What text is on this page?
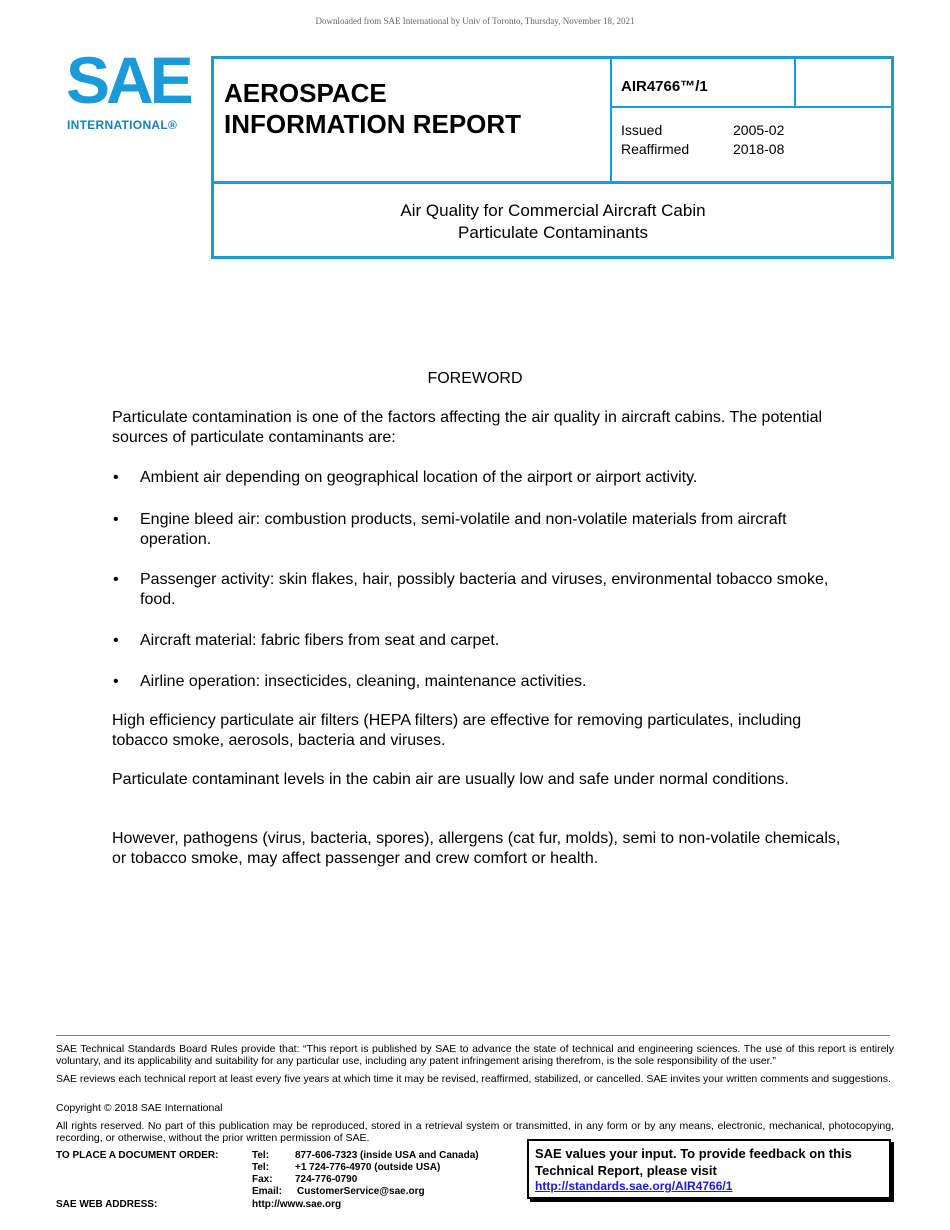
Downloaded from SAE International by Univ of Toronto, Thursday, November 18, 2021
SAE
INTERNATIONAL®
AEROSPACE
INFORMATION REPORT
AIR4766™/1
Issued	2005-02
Reaffirmed	2018-08
Air Quality for Commercial Aircraft Cabin
Particulate Contaminants
FOREWORD
Particulate contamination is one of the factors affecting the air quality in aircraft cabins. The potential sources of particulate contaminants are:
• Ambient air depending on geographical location of the airport or airport activity.
• Engine bleed air: combustion products, semi-volatile and non-volatile materials from aircraft operation.
• Passenger activity: skin flakes, hair, possibly bacteria and viruses, environmental tobacco smoke, food.
• Aircraft material: fabric fibers from seat and carpet.
• Airline operation: insecticides, cleaning, maintenance activities.
High efficiency particulate air filters (HEPA filters) are effective for removing particulates, including tobacco smoke, aerosols, bacteria and viruses.
Particulate contaminant levels in the cabin air are usually low and safe under normal conditions.
However, pathogens (virus, bacteria, spores), allergens (cat fur, molds), semi to non-volatile chemicals, or tobacco smoke, may affect passenger and crew comfort or health.
SAE Technical Standards Board Rules provide that: “This report is published by SAE to advance the state of technical and engineering sciences. The use of this report is entirely voluntary, and its applicability and suitability for any particular use, including any patent infringement arising therefrom, is the sole responsibility of the user.”
SAE reviews each technical report at least every five years at which time it may be revised, reaffirmed, stabilized, or cancelled. SAE invites your written comments and suggestions.
Copyright © 2018 SAE International
All rights reserved. No part of this publication may be reproduced, stored in a retrieval system or transmitted, in any form or by any means, electronic, mechanical, photocopying, recording, or otherwise, without the prior written permission of SAE.
TO PLACE A DOCUMENT ORDER:	Tel:	877-606-7323 (inside USA and Canada)
Tel:	+1 724-776-4970 (outside USA)
Fax: 724-776-0790
Email: CustomerService@sae.org
SAE WEB ADDRESS:	http://www.sae.org
SAE values your input. To provide feedback on this Technical Report, please visit
http://standards.sae.org/AIR4766/1
